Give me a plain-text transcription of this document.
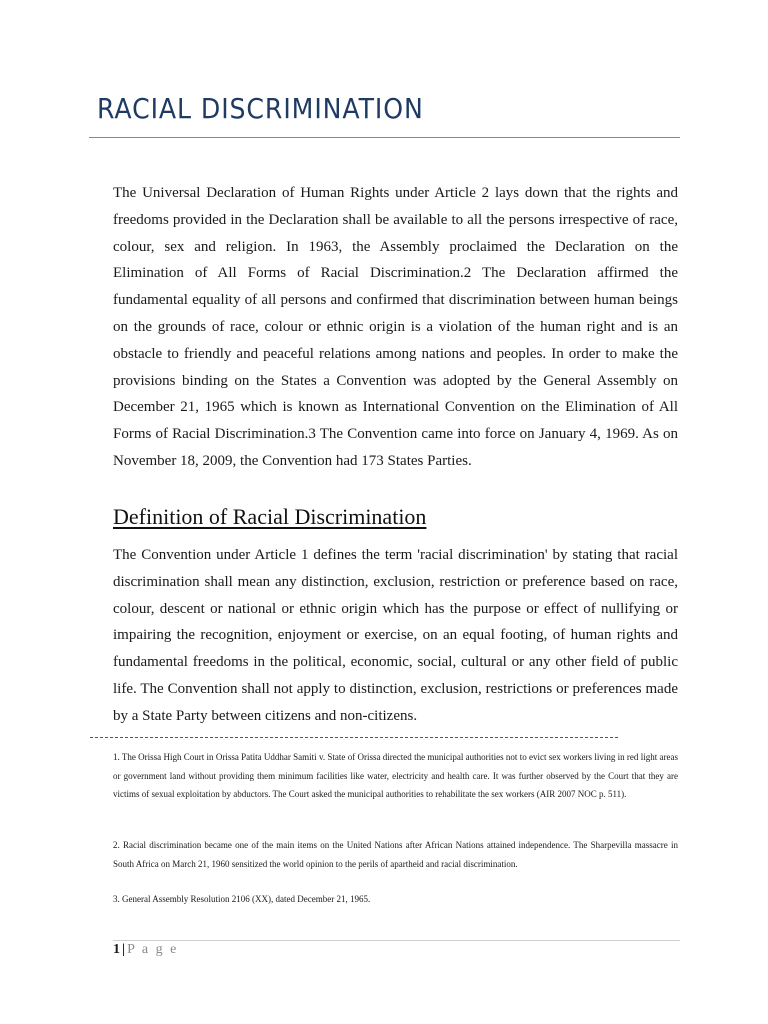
RACIAL DISCRIMINATION
The Universal Declaration of Human Rights under Article 2 lays down that the rights and freedoms provided in the Declaration shall be available to all the persons irrespective of race, colour, sex and religion. In 1963, the Assembly proclaimed the Declaration on the Elimination of All Forms of Racial Discrimination.2 The Declaration affirmed the fundamental equality of all persons and confirmed that discrimination between human beings on the grounds of race, colour or ethnic origin is a violation of the human right and is an obstacle to friendly and peaceful relations among nations and peoples. In order to make the provisions binding on the States a Convention was adopted by the General Assembly on December 21, 1965 which is known as International Convention on the Elimination of All Forms of Racial Discrimination.3 The Convention came into force on January 4, 1969. As on November 18, 2009, the Convention had 173 States Parties.
Definition of Racial Discrimination
The Convention under Article 1 defines the term 'racial discrimination' by stating that racial discrimination shall mean any distinction, exclusion, restriction or preference based on race, colour, descent or national or ethnic origin which has the purpose or effect of nullifying or impairing the recognition, enjoyment or exercise, on an equal footing, of human rights and fundamental freedoms in the political, economic, social, cultural or any other field of public life. The Convention shall not apply to distinction, exclusion, restrictions or preferences made by a State Party between citizens and non-citizens.
1. The Orissa High Court in Orissa Patita Uddhar Samiti v. State of Orissa directed the municipal authorities not to evict sex workers living in red light areas or government land without providing them minimum facilities like water, electricity and health care. It was further observed by the Court that they are victims of sexual exploitation by abductors. The Court asked the municipal authorities to rehabilitate the sex workers (AIR 2007 NOC p. 511).
2. Racial discrimination became one of the main items on the United Nations after African Nations attained independence. The Sharpevilla massacre in South Africa on March 21, 1960 sensitized the world opinion to the perils of apartheid and racial discrimination.
3. General Assembly Resolution 2106 (XX), dated December 21, 1965.
1 | P a g e
